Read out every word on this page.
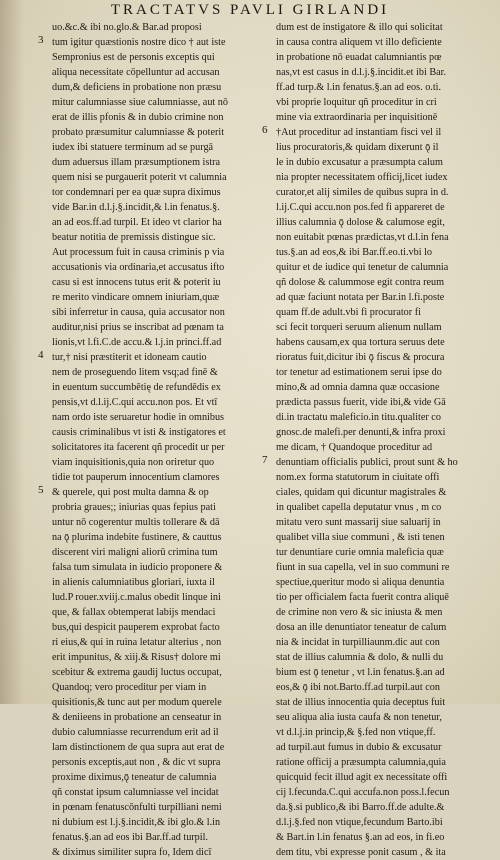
TRACTATVS PAVLI GIRLANDI
uo.&c.& ibi no.glo.& Bar.ad proposi
tum igitur quæstionis nostre dico † aut iste
Sempronius est de personis exceptis qui
aliqua necessitate cōpelluntur ad accusan
dum,& deficiens in probatione non præsu
mitur calumniasse siue calumniasse, aut nō
erat de illis pfonis & in dubio crimine non
probato præsumitur calumniasse & poterit
iudex ibi statuere terminum ad se purgā
dum aduersus illam præsumptionem istra
quem nisi se purgauerit poterit vt calumnia
tor condemnari per ea quæ supra diximus
vide Bar.in d.l.j.§.incidit,& l.in fenatus.§.
an ad eos.ff.ad turpil. Et ideo vt clarior ha
beatur notitia de premissis distingue sic.
Aut processum fuit in causa criminis p via
accusationis via ordinaria,et accusatus ifto
casu si est innocens tutus erit & poterit iu
re merito vindicare omnem iniuriam,quæ
sibi inferretur in causa, quia accusator non
auditur,nisi prius se inscribat ad pœnam ta
lionis,vt l.fi.C.de accu.& l.j.in princi.ff.ad
tur,† nisi præstiterit et idoneam cautio
nem de proseguendo litem vsq;ad finē &
in euentum succumbētię de refundēdis ex
pensis,vt d.l.ij.C.qui accu.non pos. Et vtī
nam ordo iste seruaretur hodie in omnibus
causis criminalibus vt isti & instigatores et
solicitatores ita facerent qñ procedit ur per
viam inquisitionis,quia non oriretur quo
tidie tot pauperum innocentium clamores
& querele, qui post multa damna & op
probria graues;; iniurias quas fepius pati
untur nō cogerentur multis tollerare & dā
na ǭ plurima indebite fustinere, & cauttus
discerent viri maligni aliorū crimina tum
falsa tum simulata in iudicio proponere &
in alienis calumniatibus gloriari, iuxta il
lud.P rouer.xviij.c.malus obedit linque ini
que, & fallax obtemperat labijs mendaci
bus,qui despicit pauperem exprobat facto
ri eius,& qui in ruina letatur alterius , non
erit impunitus, & xiij.& Risus† dolore mi
scebitur & extrema gaudij luctus occupat,
Quandoq; vero proceditur per viam in
quisitionis,& tunc aut per modum querele
& deniieens in probatione an censeatur in
dubio calumniasse recurrendum erit ad il
lam distinctionem de qua supra aut erat de
personis exceptis,aut non , & dic vt supra
proxime diximus,ǭ teneatur de calumnia
qñ constat ipsum calumniasse vel incidat
in pœnam fenatuscōnfulti turpilliani nemi
ni dubium est l.j.§.incidit,& ibi glo.& l.in
fenatus.§.an ad eos ibi Bar.ff.ad turpil.
& diximus similiter supra fo, Idem dicī
dum est de instigatore & illo qui solicitat
in causa contra aliquem vt illo deficiente
in probatione nō euadat calumniantis pœ
nas,vt est casus in d.l.j.§.incidit.et ibi Bar.
ff.ad turp.& l.in fenatus.§.an ad eos. o.ti.
vbi proprie loquitur qñ proceditur in cri
mine via extraordinaria per inquisitionē
†Aut proceditur ad instantiam fisci vel il
lius procuratoris,& quidam dixerunt ǭ il
le in dubio excusatur a præsumpta calum
nia propter necessitatem officij,licet iudex
curator,et alij similes de quibus supra in d.
l.ij.C.qui accu.non pos.fed fi appareret de
illius calumnia ǭ dolose & calumose egit,
non euitabit pœnas prædictas,vt d.l.in fena
tus.§.an ad eos,& ibi Bar.ff.eo.ti.vbi lo
quitur et de iudice qui tenetur de calumnia
qñ dolose & calummose egit contra reum
ad quæ faciunt notata per Bar.in l.fi.poste
quam ff.de adult.vbi fi procurator fi
sci fecit torqueri seruum alienum nullam
habens causam,ex qua tortura seruus dete
rioratus fuit,dicitur ibi ǭ fiscus & procura
tor tenetur ad estimationem serui ipse do
mino,& ad omnia damna quæ occasione
prædicta passus fuerit, vide ibi,& vide Gā
di.in tractatu maleficio.in titu.qualiter co
gnosc.de malefi.per denunti,& infra proxi
me dicam, † Quandoque proceditur ad
denuntiam officialis publici, prout sunt & ho
nom.ex forma statutorum in ciuitate offi
ciales, quidam qui dicuntur magistrales &
in qualibet capella deputatur vnus , m co
mitatu vero sunt massarij siue saluarij in
qualibet villa siue communi , & isti tenen
tur denuntiare curie omnia maleficia quæ
fiunt in sua capella, vel in suo communi re
spectiue,queritur modo si aliqua denuntia
tio per officialem facta fuerit contra aliquē
de crimine non vero & sic iniusta & men
dosa an ille denuntiator teneatur de calum
nia & incidat in turpilliaunm.dic aut con
stat de illius calumnia & dolo, & nulli du
bium est ǭ tenetur , vt l.in fenatus.§.an ad
eos,& ǭ ibi not.Barto.ff.ad turpil.aut con
stat de illius innocentia quia deceptus fuit
seu aliqua alia iusta caufa & non tenetur,
vt d.l.j.in princip,& §.fed non vtique,ff.
ad turpil.aut fumus in dubio & excusatur
ratione officij a præsumpta calumnia,quia
quicquid fecit illud agit ex necessitate offi
cij l.fecunda.C.qui accufa.non poss.l.fecun
da.§.si publico,& ibi Barro.ff.de adulte.&
d.l.j.§.fed non vtique,fecundum Barto.ibi
& Bart.in l.in fenatus §.an ad eos, in fi.eo
dem titu, vbi expresse ponit casum , & ita
3
4
5
6
7
